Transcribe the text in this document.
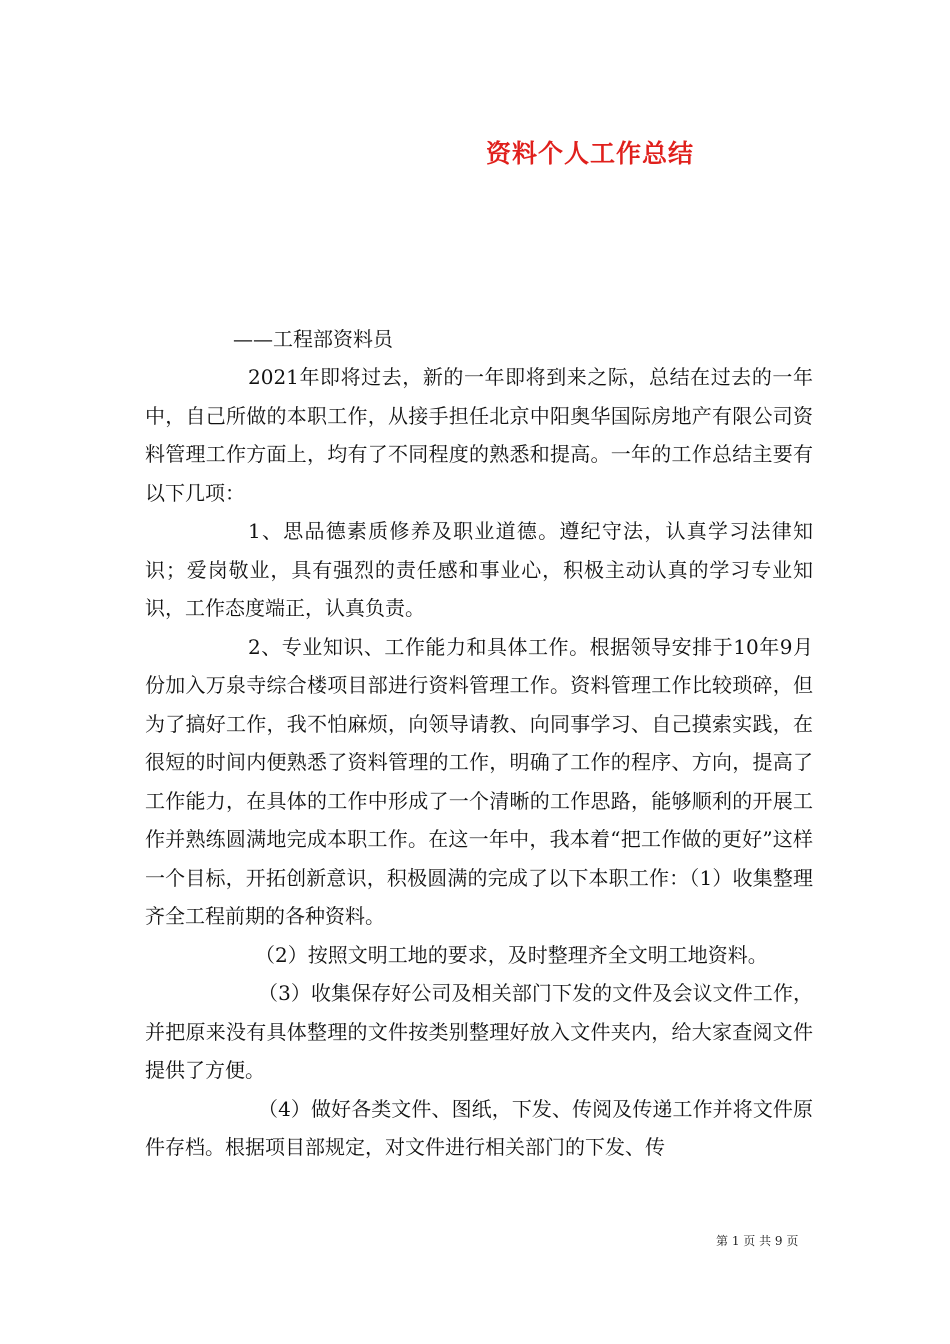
资料个人工作总结
——工程部资料员

2021年即将过去，新的一年即将到来之际，总结在过去的一年中，自己所做的本职工作，从接手担任北京中阳奥华国际房地产有限公司资料管理工作方面上，均有了不同程度的熟悉和提高。一年的工作总结主要有以下几项：

1、思品德素质修养及职业道德。遵纪守法，认真学习法律知识；爱岗敬业，具有强烈的责任感和事业心，积极主动认真的学习专业知识，工作态度端正，认真负责。

2、专业知识、工作能力和具体工作。根据领导安排于10年9月份加入万泉寺综合楼项目部进行资料管理工作。资料管理工作比较琐碎，但为了搞好工作，我不怕麻烦，向领导请教、向同事学习、自己摸索实践，在很短的时间内便熟悉了资料管理的工作，明确了工作的程序、方向，提高了工作能力，在具体的工作中形成了一个清晰的工作思路，能够顺利的开展工作并熟练圆满地完成本职工作。在这一年中，我本着“把工作做的更好”这样一个目标，开拓创新意识，积极圆满的完成了以下本职工作：（1）收集整理齐全工程前期的各种资料。

（2）按照文明工地的要求，及时整理齐全文明工地资料。

（3）收集保存好公司及相关部门下发的文件及会议文件工作，并把原来没有具体整理的文件按类别整理好放入文件夹内，给大家查阅文件提供了方便。

（4）做好各类文件、图纸，下发、传阅及传递工作并将文件原件存档。根据项目部规定，对文件进行相关部门的下发、传

第 1 页 共 9 页
